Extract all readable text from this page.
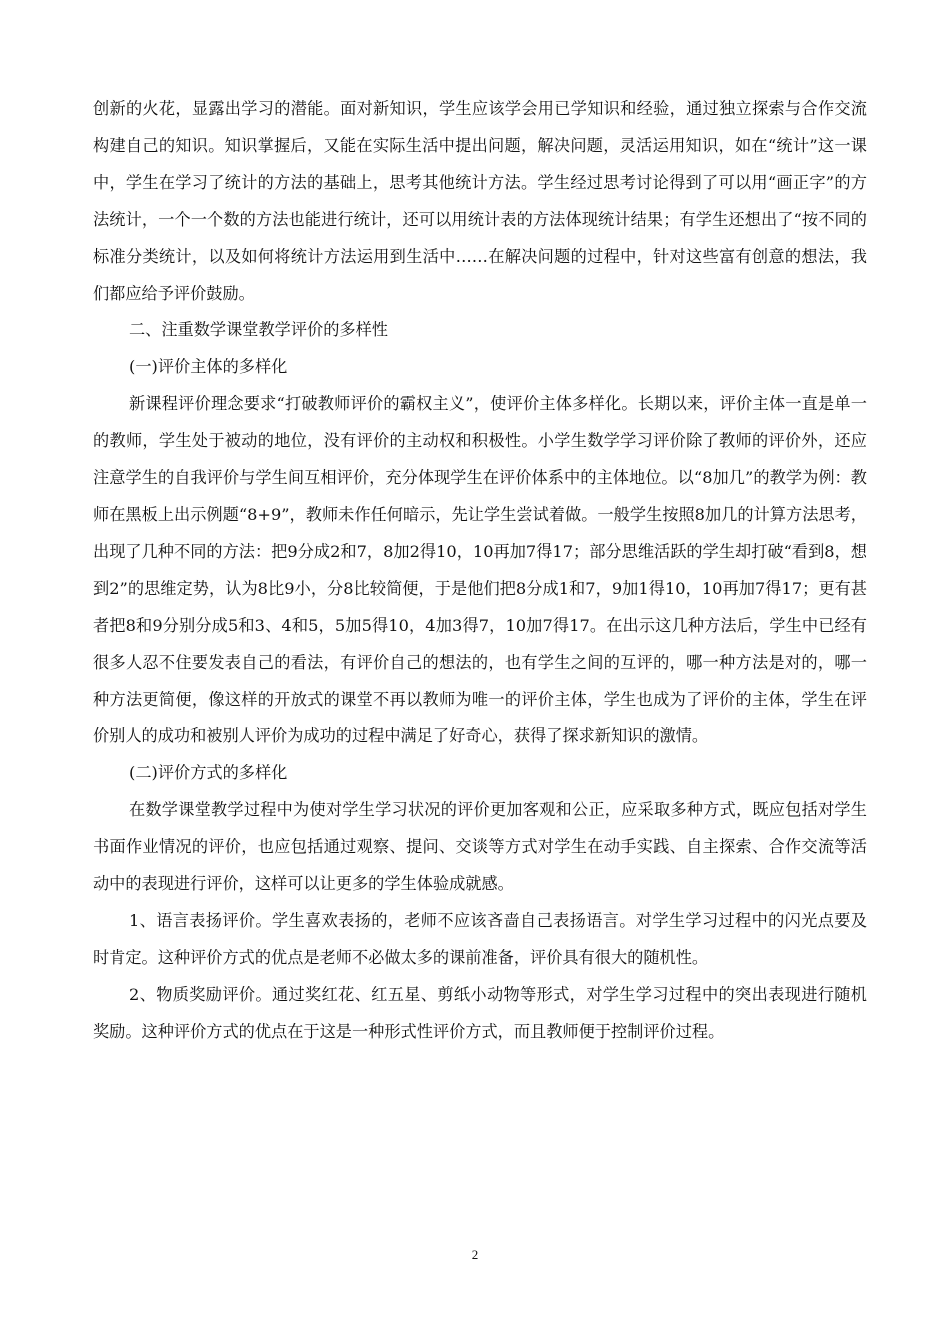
创新的火花，显露出学习的潜能。面对新知识，学生应该学会用已学知识和经验，通过独立探索与合作交流构建自己的知识。知识掌握后，又能在实际生活中提出问题，解决问题，灵活运用知识，如在“统计”这一课中，学生在学习了统计的方法的基础上，思考其他统计方法。学生经过思考讨论得到了可以用“画正字”的方法统计，一个一个数的方法也能进行统计，还可以用统计表的方法体现统计结果；有学生还想出了“按不同的标准分类统计，以及如何将统计方法运用到生活中……在解决问题的过程中，针对这些富有创意的想法，我们都应给予评价鼓励。

二、注重数学课堂教学评价的多样性

(一)评价主体的多样化

新课程评价理念要求“打破教师评价的霸权主义”，使评价主体多样化。长期以来，评价主体一直是单一的教师，学生处于被动的地位，没有评价的主动权和积极性。小学生数学学习评价除了教师的评价外，还应注意学生的自我评价与学生间互相评价，充分体现学生在评价体系中的主体地位。以“8加几”的教学为例：教师在黑板上出示例题“8+9”，教师未作任何暗示，先让学生尝试着做。一般学生按照8加几的计算方法思考，出现了几种不同的方法：把9分成2和7，8加2得10，10再加7得17；部分思维活跃的学生却打破“看到8，想到2”的思维定势，认为8比9小，分8比较简便，于是他们把8分成1和7，9加1得10，10再加7得17；更有甚者把8和9分别分成5和3、4和5，5加5得10，4加3得7，10加7得17。在出示这几种方法后，学生中已经有很多人忍不住要发表自己的看法，有评价自己的想法的，也有学生之间的互评的，哪一种方法是对的，哪一种方法更简便，像这样的开放式的课堂不再以教师为唯一的评价主体，学生也成为了评价的主体，学生在评价别人的成功和被别人评价为成功的过程中满足了好奇心，获得了探求新知识的激情。

(二)评价方式的多样化

在数学课堂教学过程中为使对学生学习状况的评价更加客观和公正，应采取多种方式，既应包括对学生书面作业情况的评价，也应包括通过观察、提问、交谈等方式对学生在动手实践、自主探索、合作交流等活动中的表现进行评价，这样可以让更多的学生体验成就感。

1、语言表扬评价。学生喜欢表扬的，老师不应该吝啬自己表扬语言。对学生学习过程中的闪光点要及时肯定。这种评价方式的优点是老师不必做太多的课前准备，评价具有很大的随机性。

2、物质奖励评价。通过奖红花、红五星、剪纸小动物等形式，对学生学习过程中的突出表现进行随机奖励。这种评价方式的优点在于这是一种形式性评价方式，而且教师便于控制评价过程。

2
